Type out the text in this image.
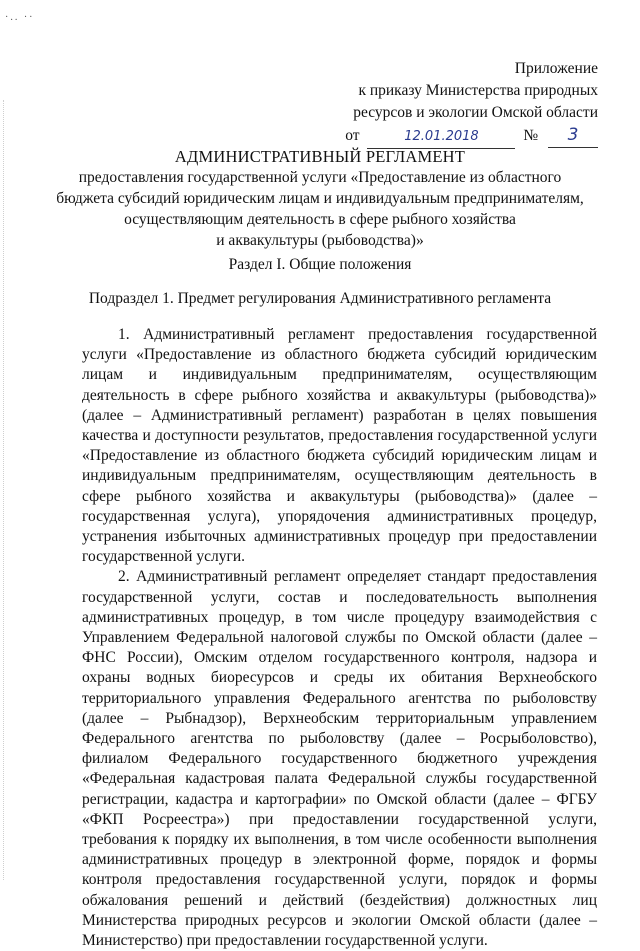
·.. ··
Приложение
к приказу Министерства природных
ресурсов и экологии Омской области
от	12.01.2018	№ 3
АДМИНИСТРАТИВНЫЙ РЕГЛАМЕНТ
предоставления государственной услуги «Предоставление из областного
бюджета субсидий юридическим лицам и индивидуальным предпринимателям,
осуществляющим деятельность в сфере рыбного хозяйства
и аквакультуры (рыбоводства)»
Раздел I. Общие положения
Подраздел 1. Предмет регулирования Административного регламента

1. Административный регламент предоставления государственной услуги «Предоставление из областного бюджета субсидий юридическим лицам и индивидуальным предпринимателям, осуществляющим деятельность в сфере рыбного хозяйства и аквакультуры (рыбоводства)» (далее – Административный регламент) разработан в целях повышения качества и доступности результатов, предоставления государственной услуги «Предоставление из областного бюджета субсидий юридическим лицам и индивидуальным предпринимателям, осуществляющим деятельность в сфере рыбного хозяйства и аквакультуры (рыбоводства)» (далее – государственная услуга), упорядочения административных процедур, устранения избыточных административных процедур при предоставлении государственной услуги.

2. Административный регламент определяет стандарт предоставления государственной услуги, состав и последовательность выполнения административных процедур, в том числе процедуру взаимодействия с Управлением Федеральной налоговой службы по Омской области (далее – ФНС России), Омским отделом государственного контроля, надзора и охраны водных биоресурсов и среды их обитания Верхнеобского территориального управления Федерального агентства по рыболовству (далее – Рыбнадзор), Верхнеобским территориальным управлением Федерального агентства по рыболовству (далее – Росрыболовство), филиалом Федерального государственного бюджетного учреждения «Федеральная кадастровая палата Федеральной службы государственной регистрации, кадастра и картографии» по Омской области (далее – ФГБУ «ФКП Росреестра») при предоставлении государственной услуги, требования к порядку их выполнения, в том числе особенности выполнения административных процедур в электронной форме, порядок и формы контроля предоставления государственной услуги, порядок и формы обжалования решений и действий (бездействия) должностных лиц Министерства природных ресурсов и экологии Омской области (далее – Министерство) при предоставлении государственной услуги.
